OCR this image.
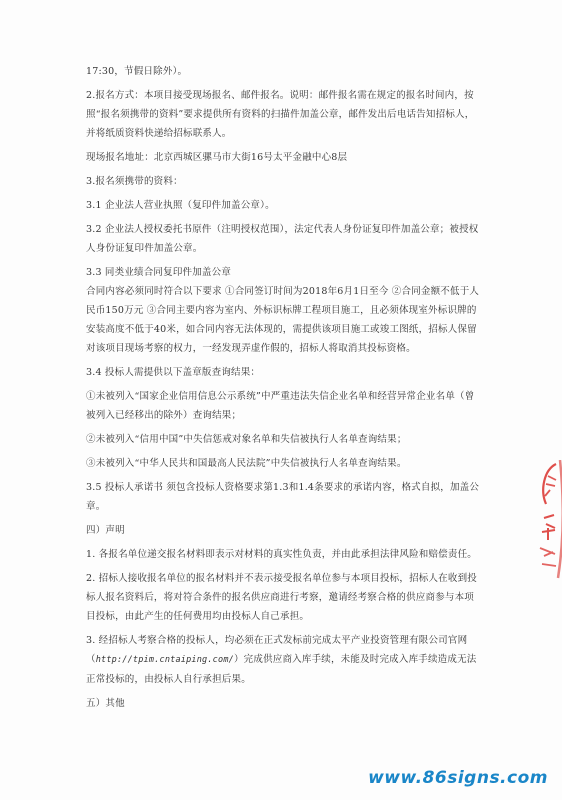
17:30，节假日除外）。

2.报名方式：本项目接受现场报名、邮件报名。说明：邮件报名需在规定的报名时间内，按照“报名须携带的资料”要求提供所有资料的扫描件加盖公章，邮件发出后电话告知招标人，并将纸质资料快递给招标联系人。

现场报名地址：北京西城区骡马市大街16号太平金融中心8层

3.报名须携带的资料：

3.1 企业法人营业执照（复印件加盖公章）。

3.2 企业法人授权委托书原件（注明授权范围），法定代表人身份证复印件加盖公章；被授权人身份证复印件加盖公章。

3.3 同类业绩合同复印件加盖公章

合同内容必须同时符合以下要求 ①合同签订时间为2018年6月1日至今 ②合同金额不低于人民币150万元 ③合同主要内容为室内、外标识标牌工程项目施工，且必须体现室外标识牌的安装高度不低于40米，如合同内容无法体现的，需提供该项目施工或竣工图纸，招标人保留对该项目现场考察的权力，一经发现弄虚作假的，招标人将取消其投标资格。

3.4 投标人需提供以下盖章版查询结果：

①未被列入“国家企业信用信息公示系统”中严重违法失信企业名单和经营异常企业名单（曾被列入已经移出的除外）查询结果；

②未被列入“信用中国”中失信惩戒对象名单和失信被执行人名单查询结果；

③未被列入“中华人民共和国最高人民法院”中失信被执行人名单查询结果。

3.5 投标人承诺书 须包含投标人资格要求第1.3和1.4条要求的承诺内容，格式自拟，加盖公章。

四）声明

1. 各报名单位递交报名材料即表示对材料的真实性负责，并由此承担法律风险和赔偿责任。

2. 招标人接收报名单位的报名材料并不表示接受报名单位参与本项目投标，招标人在收到投标人报名资料后，将对符合条件的报名供应商进行考察，邀请经考察合格的供应商参与本项目投标，由此产生的任何费用均由投标人自己承担。

3. 经招标人考察合格的投标人，均必须在正式发标前完成太平产业投资管理有限公司官网（http://tpim.cntaiping.com/）完成供应商入库手续，未能及时完成入库手续造成无法正常投标的，由投标人自行承担后果。

五）其他

www.86signs.com
